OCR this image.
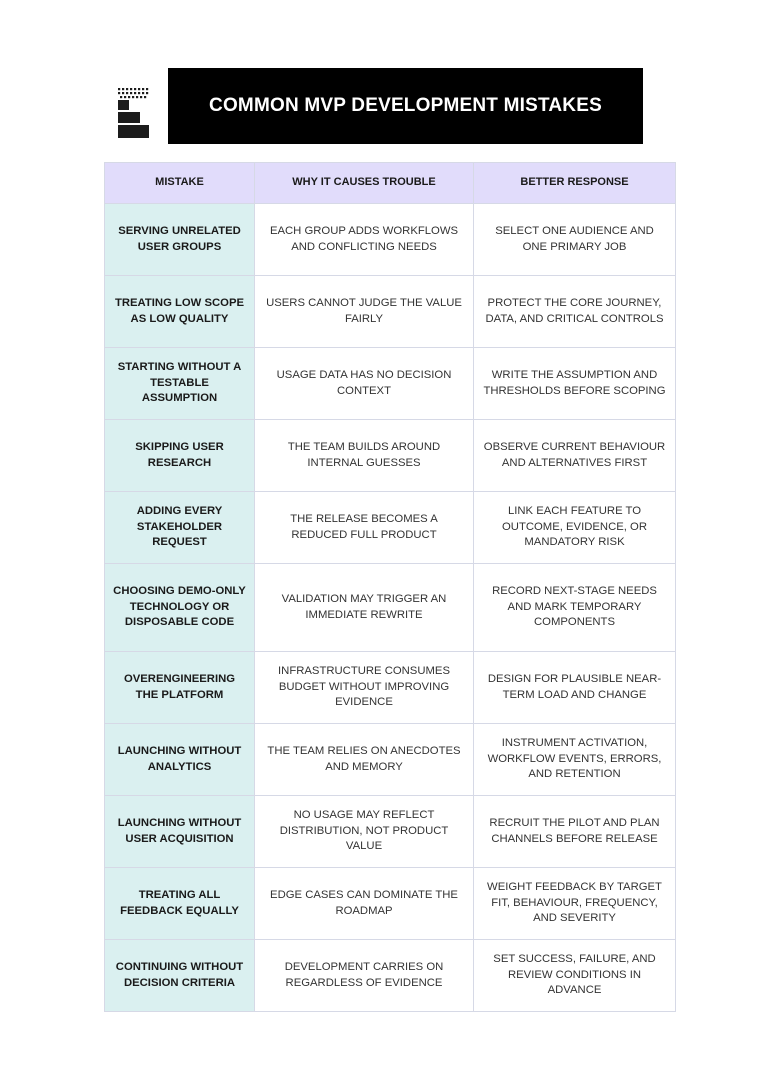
COMMON MVP DEVELOPMENT MISTAKES
MISTAKE	WHY IT CAUSES TROUBLE	BETTER RESPONSE
SERVING UNRELATED USER GROUPS	EACH GROUP ADDS WORKFLOWS AND CONFLICTING NEEDS	SELECT ONE AUDIENCE AND ONE PRIMARY JOB
TREATING LOW SCOPE AS LOW QUALITY	USERS CANNOT JUDGE THE VALUE FAIRLY	PROTECT THE CORE JOURNEY, DATA, AND CRITICAL CONTROLS
STARTING WITHOUT A TESTABLE ASSUMPTION	USAGE DATA HAS NO DECISION CONTEXT	WRITE THE ASSUMPTION AND THRESHOLDS BEFORE SCOPING
SKIPPING USER RESEARCH	THE TEAM BUILDS AROUND INTERNAL GUESSES	OBSERVE CURRENT BEHAVIOUR AND ALTERNATIVES FIRST
ADDING EVERY STAKEHOLDER REQUEST	THE RELEASE BECOMES A REDUCED FULL PRODUCT	LINK EACH FEATURE TO OUTCOME, EVIDENCE, OR MANDATORY RISK
CHOOSING DEMO-ONLY TECHNOLOGY OR DISPOSABLE CODE	VALIDATION MAY TRIGGER AN IMMEDIATE REWRITE	RECORD NEXT-STAGE NEEDS AND MARK TEMPORARY COMPONENTS
OVERENGINEERING THE PLATFORM	INFRASTRUCTURE CONSUMES BUDGET WITHOUT IMPROVING EVIDENCE	DESIGN FOR PLAUSIBLE NEAR-TERM LOAD AND CHANGE
LAUNCHING WITHOUT ANALYTICS	THE TEAM RELIES ON ANECDOTES AND MEMORY	INSTRUMENT ACTIVATION, WORKFLOW EVENTS, ERRORS, AND RETENTION
LAUNCHING WITHOUT USER ACQUISITION	NO USAGE MAY REFLECT DISTRIBUTION, NOT PRODUCT VALUE	RECRUIT THE PILOT AND PLAN CHANNELS BEFORE RELEASE
TREATING ALL FEEDBACK EQUALLY	EDGE CASES CAN DOMINATE THE ROADMAP	WEIGHT FEEDBACK BY TARGET FIT, BEHAVIOUR, FREQUENCY, AND SEVERITY
CONTINUING WITHOUT DECISION CRITERIA	DEVELOPMENT CARRIES ON REGARDLESS OF EVIDENCE	SET SUCCESS, FAILURE, AND REVIEW CONDITIONS IN ADVANCE
